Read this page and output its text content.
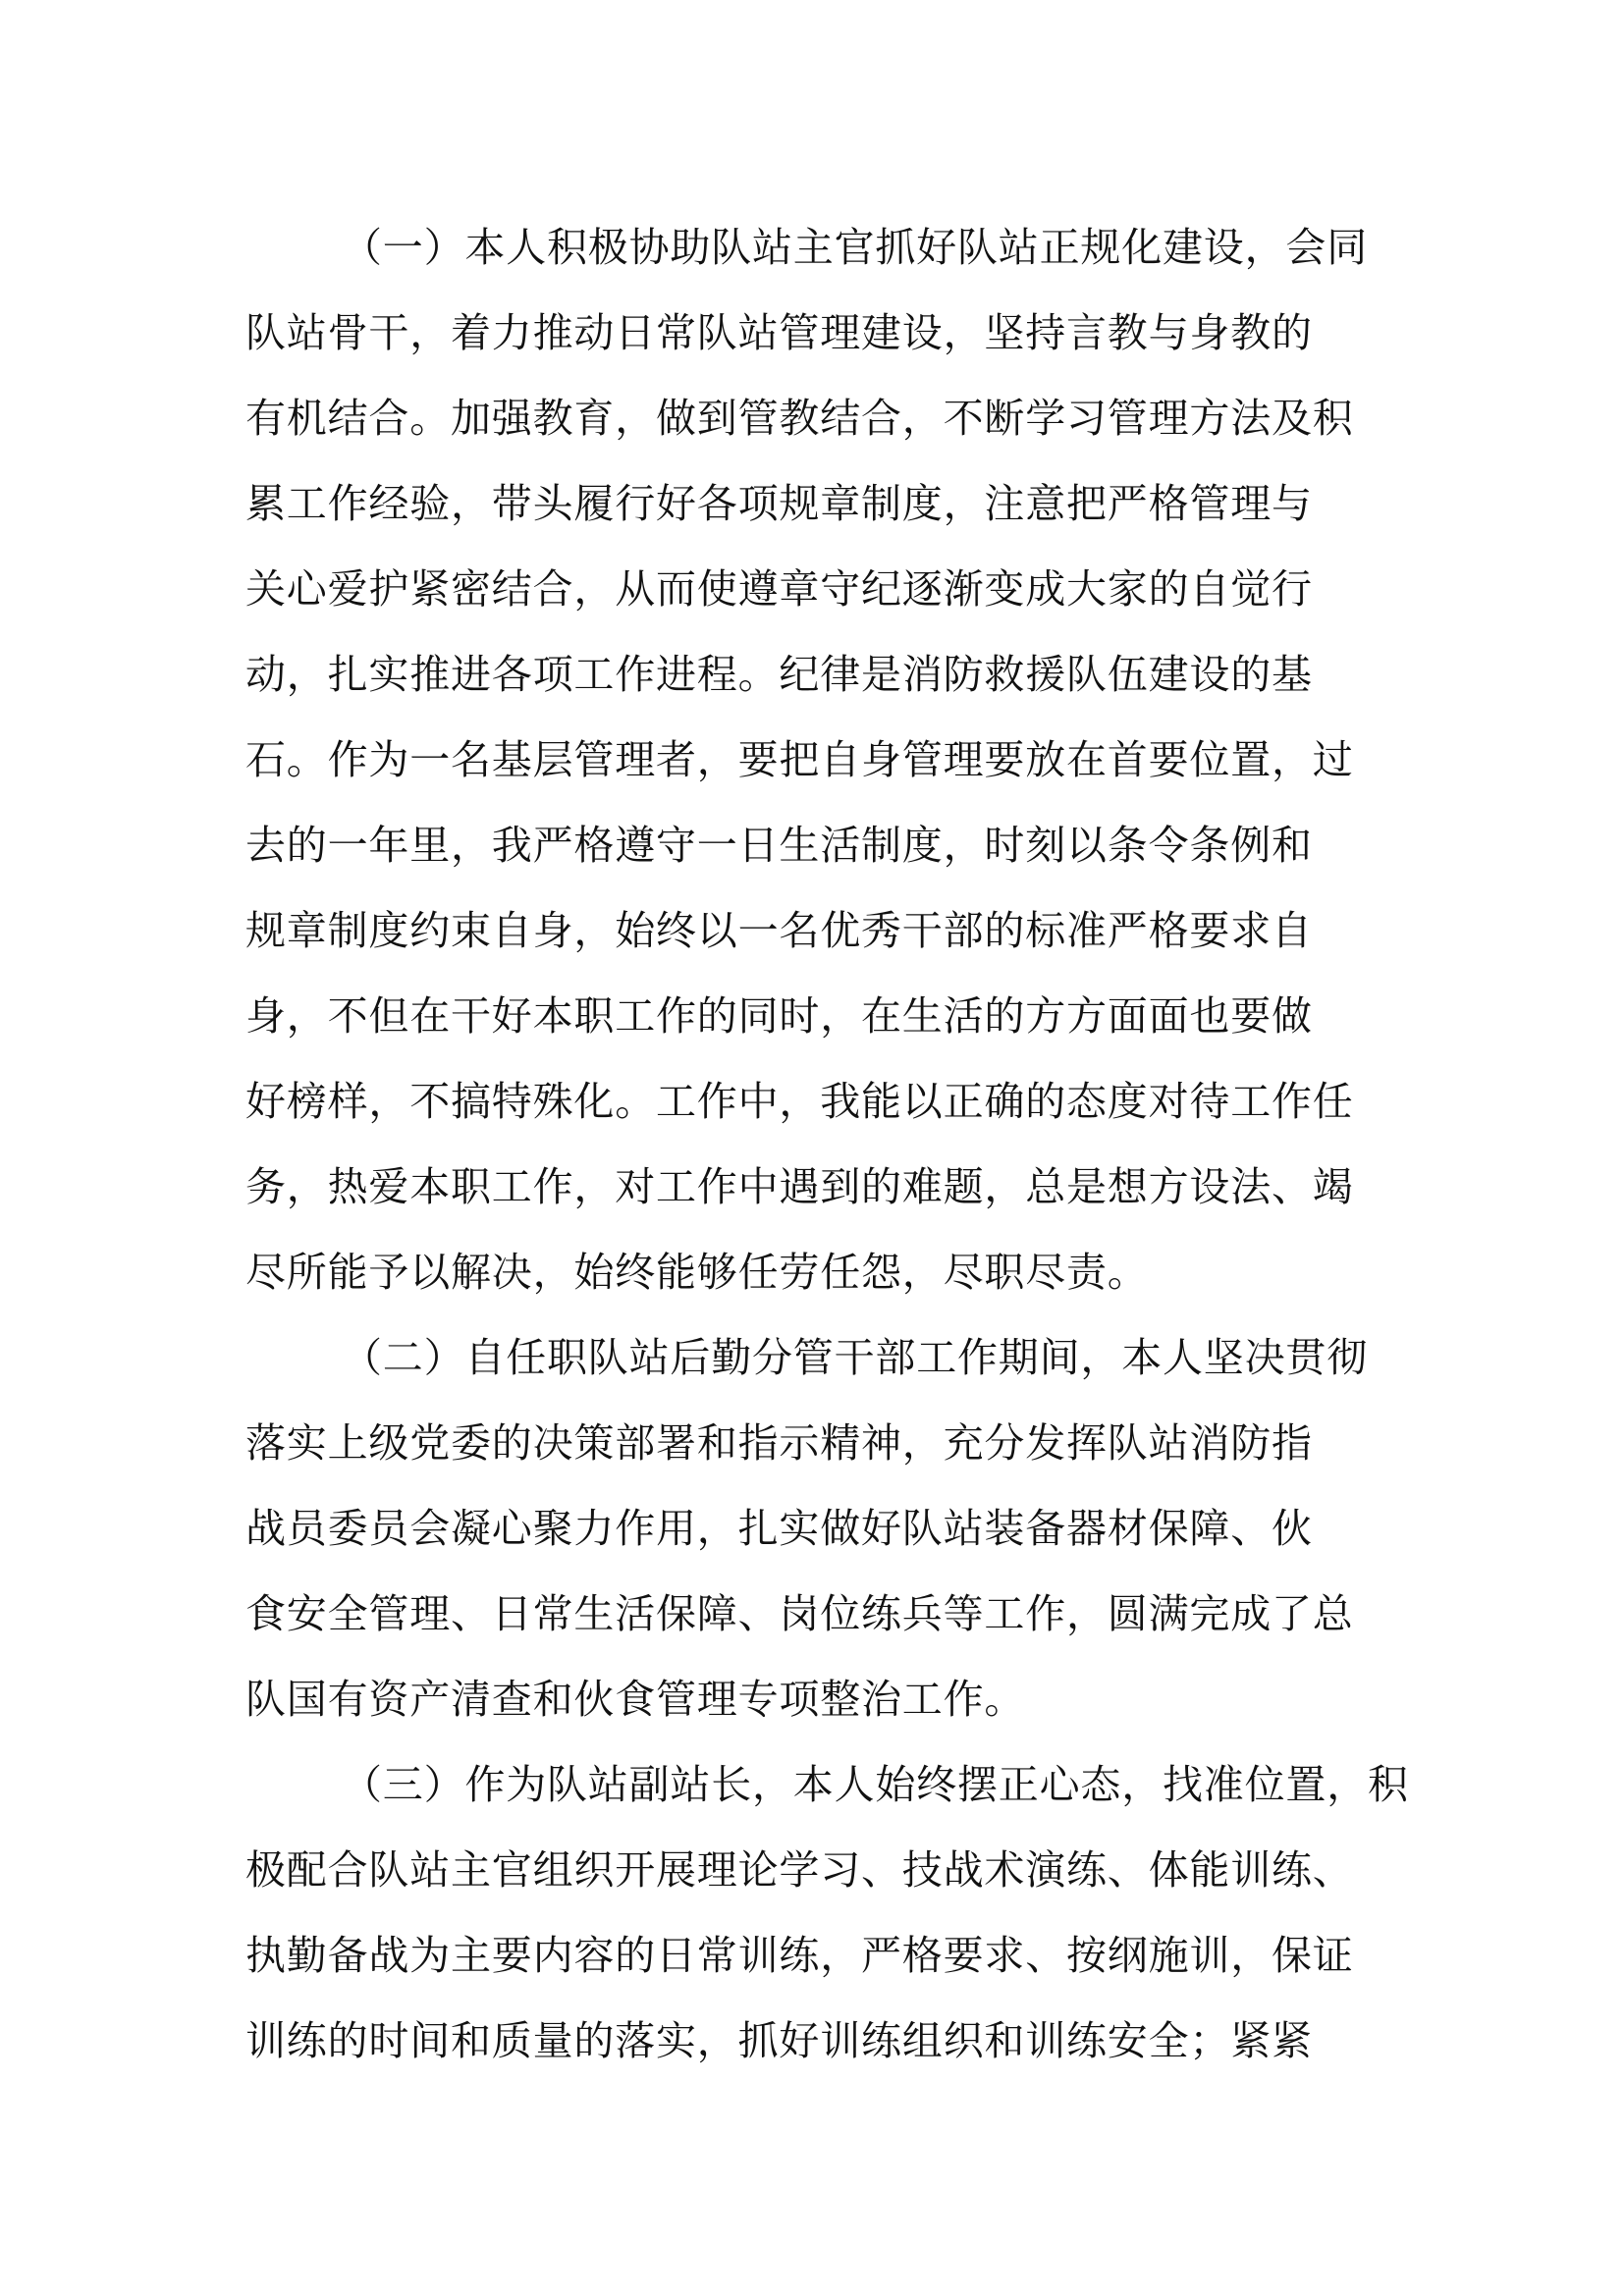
（一）本人积极协助队站主官抓好队站正规化建设，会同
队站骨干，着力推动日常队站管理建设，坚持言教与身教的
有机结合。加强教育，做到管教结合，不断学习管理方法及积
累工作经验，带头履行好各项规章制度，注意把严格管理与
关心爱护紧密结合，从而使遵章守纪逐渐变成大家的自觉行
动，扎实推进各项工作进程。纪律是消防救援队伍建设的基
石。作为一名基层管理者，要把自身管理要放在首要位置，过
去的一年里，我严格遵守一日生活制度，时刻以条令条例和
规章制度约束自身，始终以一名优秀干部的标准严格要求自
身，不但在干好本职工作的同时，在生活的方方面面也要做
好榜样，不搞特殊化。工作中，我能以正确的态度对待工作任
务，热爱本职工作，对工作中遇到的难题，总是想方设法、竭
尽所能予以解决，始终能够任劳任怨，尽职尽责。
（二）自任职队站后勤分管干部工作期间，本人坚决贯彻
落实上级党委的决策部署和指示精神，充分发挥队站消防指
战员委员会凝心聚力作用，扎实做好队站装备器材保障、伙
食安全管理、日常生活保障、岗位练兵等工作，圆满完成了总
队国有资产清查和伙食管理专项整治工作。
（三）作为队站副站长，本人始终摆正心态，找准位置，积
极配合队站主官组织开展理论学习、技战术演练、体能训练、
执勤备战为主要内容的日常训练，严格要求、按纲施训，保证
训练的时间和质量的落实，抓好训练组织和训练安全；紧紧
